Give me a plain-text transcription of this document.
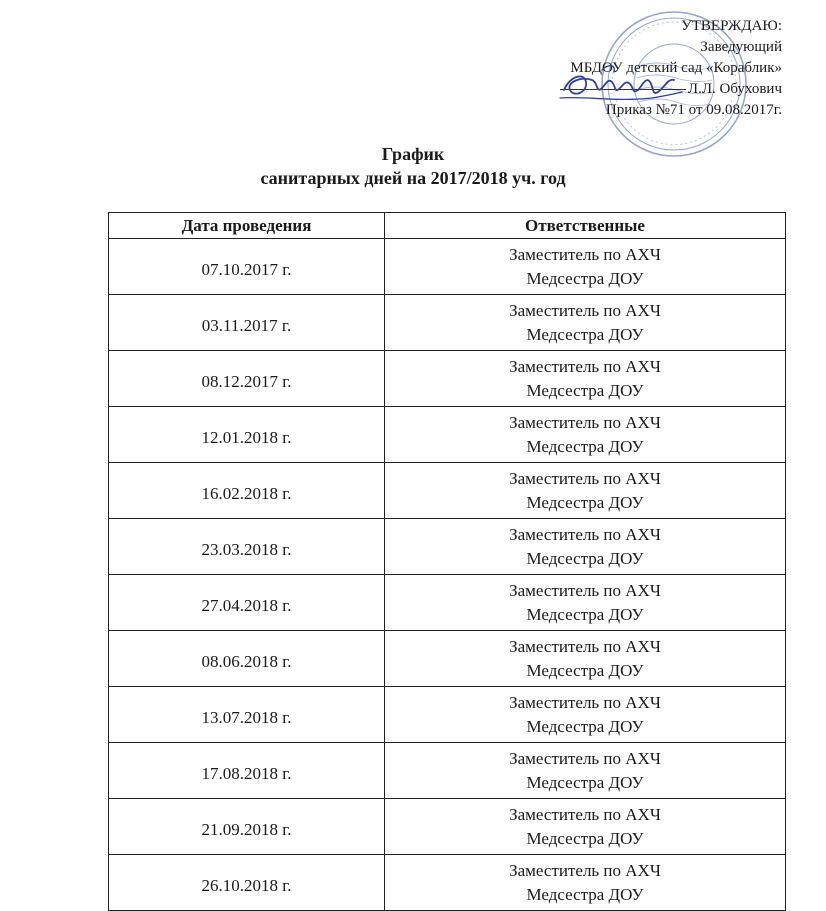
УТВЕРЖДАЮ:
Заведующий
МБДОУ детский сад «Кораблик»
Л.Л. Обухович
Приказ №71 от 09.08.2017г.
График
санитарных дней на 2017/2018 уч. год
Дата проведения	Ответственные
07.10.2017 г.	Заместитель по АХЧ
Медсестра ДОУ

03.11.2017 г.	Заместитель по АХЧ
Медсестра ДОУ

08.12.2017 г.	Заместитель по АХЧ
Медсестра ДОУ

12.01.2018 г.	Заместитель по АХЧ
Медсестра ДОУ

16.02.2018 г.	Заместитель по АХЧ
Медсестра ДОУ

23.03.2018 г.	Заместитель по АХЧ
Медсестра ДОУ

27.04.2018 г.	Заместитель по АХЧ
Медсестра ДОУ

08.06.2018 г.	Заместитель по АХЧ
Медсестра ДОУ

13.07.2018 г.	Заместитель по АХЧ
Медсестра ДОУ

17.08.2018 г.	Заместитель по АХЧ
Медсестра ДОУ

21.09.2018 г.	Заместитель по АХЧ
Медсестра ДОУ

26.10.2018 г.	Заместитель по АХЧ
Медсестра ДОУ
